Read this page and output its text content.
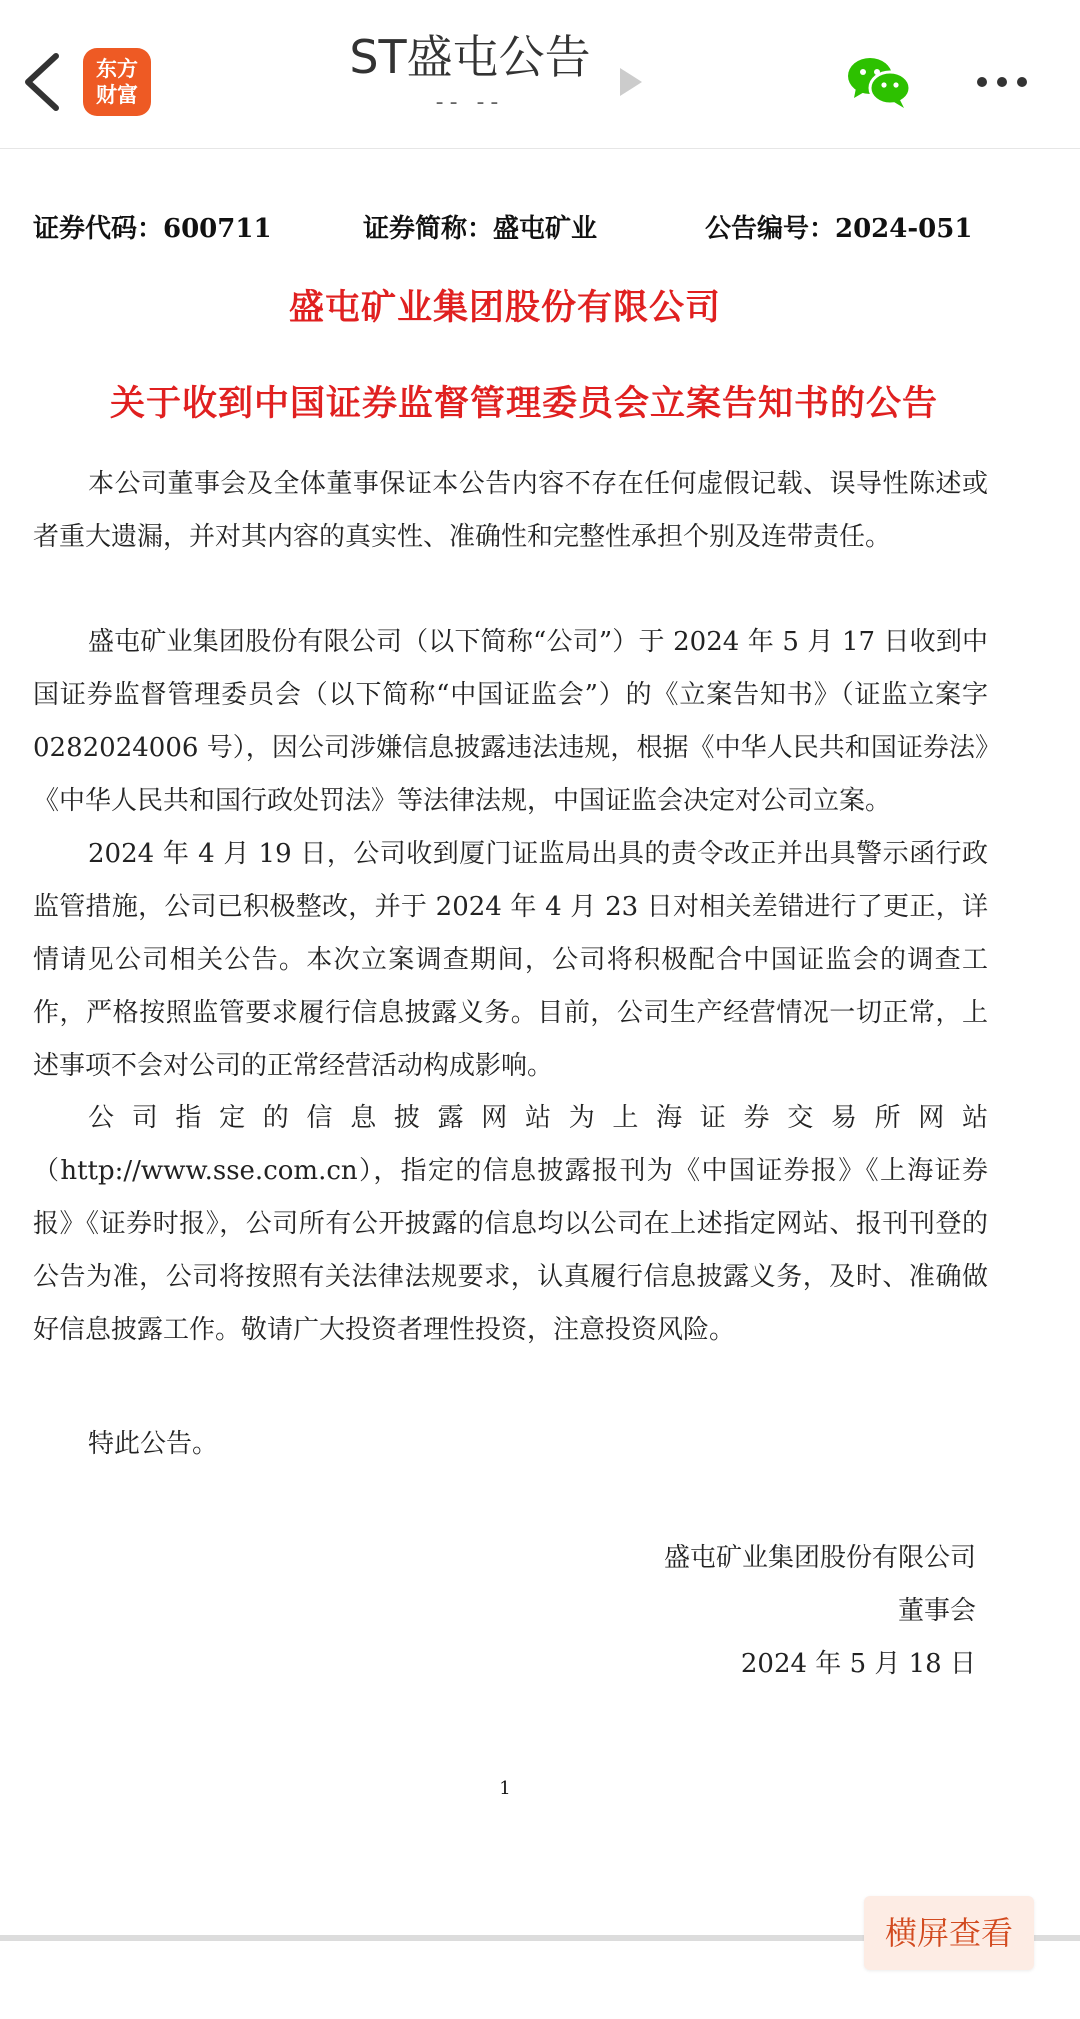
东方
财富
ST盛屯公告
-- --
证券代码：600711	证券简称：盛屯矿业	公告编号：2024-051
盛屯矿业集团股份有限公司
关于收到中国证券监督管理委员会立案告知书的公告
本公司董事会及全体董事保证本公告内容不存在任何虚假记载、误导性陈述或者重大遗漏，并对其内容的真实性、准确性和完整性承担个别及连带责任。
盛屯矿业集团股份有限公司（以下简称“公司”）于 2024 年 5 月 17 日收到中国证券监督管理委员会（以下简称“中国证监会”）的《立案告知书》（证监立案字 0282024006 号），因公司涉嫌信息披露违法违规，根据《中华人民共和国证券法》《中华人民共和国行政处罚法》等法律法规，中国证监会决定对公司立案。
2024 年 4 月 19 日，公司收到厦门证监局出具的责令改正并出具警示函行政监管措施，公司已积极整改，并于 2024 年 4 月 23 日对相关差错进行了更正，详情请见公司相关公告。本次立案调查期间，公司将积极配合中国证监会的调查工作，严格按照监管要求履行信息披露义务。目前，公司生产经营情况一切正常，上述事项不会对公司的正常经营活动构成影响。
公司指定的信息披露网站为上海证券交易所网站（http://www.sse.com.cn），指定的信息披露报刊为《中国证券报》《上海证券报》《证券时报》，公司所有公开披露的信息均以公司在上述指定网站、报刊刊登的公告为准，公司将按照有关法律法规要求，认真履行信息披露义务，及时、准确做好信息披露工作。敬请广大投资者理性投资，注意投资风险。
特此公告。
盛屯矿业集团股份有限公司
董事会
2024 年 5 月 18 日
1
横屏查看
